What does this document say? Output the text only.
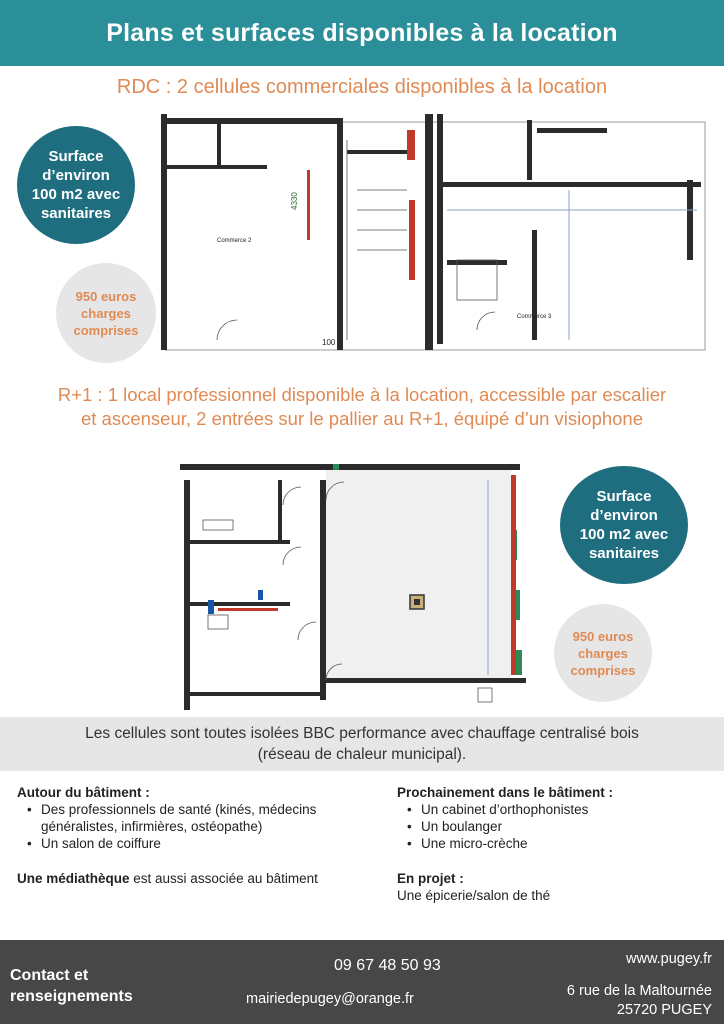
Plans et surfaces disponibles à la location
RDC : 2 cellules commerciales disponibles à la location
Commerce 2
Commerce 3
4330
100
Surface
d’environ
100 m2 avec
sanitaires
950 euros
charges
comprises
R+1 : 1 local professionnel disponible à la location, accessible par escalier
et ascenseur, 2 entrées sur le pallier au R+1, équipé d’un visiophone
Surface
d’environ
100 m2 avec
sanitaires
950 euros
charges
comprises

Les cellules sont toutes isolées BBC performance avec chauffage centralisé bois
(réseau de chaleur municipal).

Autour du bâtiment :
• Des professionnels de santé (kinés, médecins généralistes, infirmières, ostéopathe)
• Un salon de coiffure

Une médiathèque est aussi associée au bâtiment

Prochainement dans le bâtiment :
• Un cabinet d’orthophonistes
• Un boulanger
• Une micro-crèche
En projet :

Une épicerie/salon de thé

Contact et
renseignements
09 67 48 50 93
mairiedepugey@orange.fr
www.pugey.fr
6 rue de la Maltournée
25720 PUGEY
